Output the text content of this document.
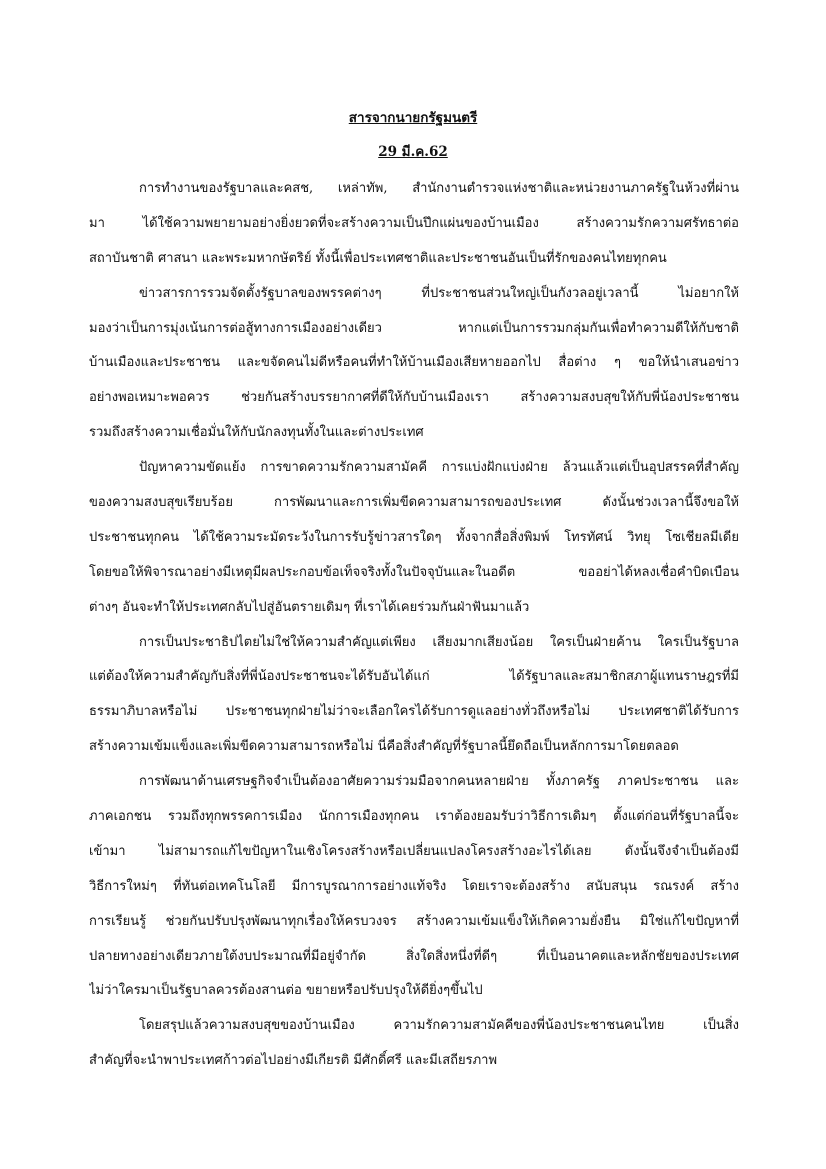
สารจากนายกรัฐมนตรี
29 มี.ค.62
การทำงานของรัฐบาลและคสช, เหล่าทัพ, สำนักงานตำรวจแห่งชาติและหน่วยงานภาครัฐในห้วงที่ผ่าน
มา ได้ใช้ความพยายามอย่างยิ่งยวดที่จะสร้างความเป็นปึกแผ่นของบ้านเมือง สร้างความรักความศรัทธาต่อ
สถาบันชาติ ศาสนา และพระมหากษัตริย์ ทั้งนี้เพื่อประเทศชาติและประชาชนอันเป็นที่รักของคนไทยทุกคน
ข่าวสารการรวมจัดตั้งรัฐบาลของพรรคต่างๆ ที่ประชาชนส่วนใหญ่เป็นกังวลอยู่เวลานี้ ไม่อยากให้
มองว่าเป็นการมุ่งเน้นการต่อสู้ทางการเมืองอย่างเดียว หากแต่เป็นการรวมกลุ่มกันเพื่อทำความดีให้กับชาติ
บ้านเมืองและประชาชน และขจัดคนไม่ดีหรือคนที่ทำให้บ้านเมืองเสียหายออกไป สื่อต่าง ๆ ขอให้นำเสนอข่าว
อย่างพอเหมาะพอควร ช่วยกันสร้างบรรยากาศที่ดีให้กับบ้านเมืองเรา สร้างความสงบสุขให้กับพี่น้องประชาชน
รวมถึงสร้างความเชื่อมั่นให้กับนักลงทุนทั้งในและต่างประเทศ
ปัญหาความขัดแย้ง การขาดความรักความสามัคคี การแบ่งฝักแบ่งฝ่าย ล้วนแล้วแต่เป็นอุปสรรคที่สำคัญ
ของความสงบสุขเรียบร้อย การพัฒนาและการเพิ่มขีดความสามารถของประเทศ ดังนั้นช่วงเวลานี้จึงขอให้
ประชาชนทุกคน ได้ใช้ความระมัดระวังในการรับรู้ข่าวสารใดๆ ทั้งจากสื่อสิ่งพิมพ์ โทรทัศน์ วิทยุ โซเชียลมีเดีย
โดยขอให้พิจารณาอย่างมีเหตุมีผลประกอบข้อเท็จจริงทั้งในปัจจุบันและในอดีต ขออย่าได้หลงเชื่อคำบิดเบือน
ต่างๆ อันจะทำให้ประเทศกลับไปสู่อันตรายเดิมๆ ที่เราได้เคยร่วมกันฝ่าฟันมาแล้ว
การเป็นประชาธิปไตยไม่ใช่ให้ความสำคัญแต่เพียง เสียงมากเสียงน้อย ใครเป็นฝ่ายค้าน ใครเป็นรัฐบาล
แต่ต้องให้ความสำคัญกับสิ่งที่พี่น้องประชาชนจะได้รับอันได้แก่ ได้รัฐบาลและสมาชิกสภาผู้แทนราษฎรที่มี
ธรรมาภิบาลหรือไม่ ประชาชนทุกฝ่ายไม่ว่าจะเลือกใครได้รับการดูแลอย่างทั่วถึงหรือไม่ ประเทศชาติได้รับการ
สร้างความเข้มแข็งและเพิ่มขีดความสามารถหรือไม่ นี่คือสิ่งสำคัญที่รัฐบาลนี้ยึดถือเป็นหลักการมาโดยตลอด
การพัฒนาด้านเศรษฐกิจจำเป็นต้องอาศัยความร่วมมือจากคนหลายฝ่าย ทั้งภาครัฐ ภาคประชาชน และ
ภาคเอกชน รวมถึงทุกพรรคการเมือง นักการเมืองทุกคน เราต้องยอมรับว่าวิธีการเดิมๆ ตั้งแต่ก่อนที่รัฐบาลนี้จะ
เข้ามา ไม่สามารถแก้ไขปัญหาในเชิงโครงสร้างหรือเปลี่ยนแปลงโครงสร้างอะไรได้เลย ดังนั้นจึงจำเป็นต้องมี
วิธีการใหม่ๆ ที่ทันต่อเทคโนโลยี มีการบูรณาการอย่างแท้จริง โดยเราจะต้องสร้าง สนับสนุน รณรงค์ สร้าง
การเรียนรู้ ช่วยกันปรับปรุงพัฒนาทุกเรื่องให้ครบวงจร สร้างความเข้มแข็งให้เกิดความยั่งยืน มิใช่แก้ไขปัญหาที่
ปลายทางอย่างเดียวภายใต้งบประมาณที่มีอยู่จำกัด สิ่งใดสิ่งหนึ่งที่ดีๆ ที่เป็นอนาคตและหลักชัยของประเทศ
ไม่ว่าใครมาเป็นรัฐบาลควรต้องสานต่อ ขยายหรือปรับปรุงให้ดียิ่งๆขึ้นไป
โดยสรุปแล้วความสงบสุขของบ้านเมือง ความรักความสามัคคีของพี่น้องประชาชนคนไทย เป็นสิ่ง
สำคัญที่จะนำพาประเทศก้าวต่อไปอย่างมีเกียรติ มีศักดิ์ศรี และมีเสถียรภาพ
